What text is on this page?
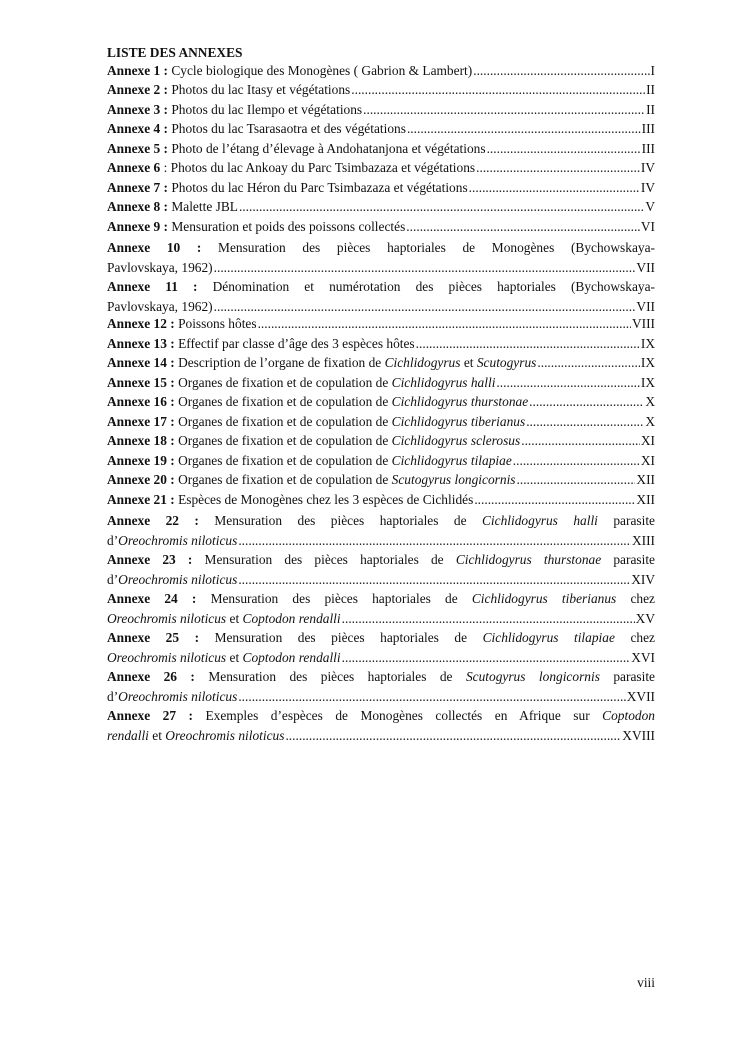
LISTE DES ANNEXES
Annexe 1 :
Cycle biologique des Monogènes ( Gabrion & Lambert) .....	I
Annexe 2 :
Photos du lac Itasy et végétations .....	II
Annexe 3 :
Photos du lac Ilempo et végétations .....	II
Annexe 4 :
Photos du lac Tsarasaotra et des végétations .....	III
Annexe 5 :
Photo de l’étang d’élevage à Andohatanjona et végétations .....	III
Annexe 6
: Photos du lac Ankoay du Parc Tsimbazaza et végétations .....	IV
Annexe 7 :
Photos du lac Héron du Parc Tsimbazaza et végétations .....	IV
Annexe 8 :
Malette JBL .....	V
Annexe 9 :
Mensuration et poids des poissons collectés .....	VI
Annexe 10 : Mensuration des pièces haptoriales de Monogènes (Bychowskaya-
Pavlovskaya, 1962) .....	VII
Annexe 11 : Dénomination et numérotation des pièces haptoriales (Bychowskaya-
Pavlovskaya, 1962) .....	VII
Annexe 12 :
Poissons hôtes .....	VIII
Annexe 13 :
Effectif par classe d’âge des 3 espèces hôtes .....	IX
Annexe 14 :
Description de l’organe de fixation de
Cichlidogyrus
et
Scutogyrus .....	IX
Annexe 15 :
Organes de fixation et de copulation de
Cichlidogyrus halli .....	IX
Annexe 16 :
Organes de fixation et de copulation de
Cichlidogyrus thurstonae .....	X
Annexe 17 :
Organes de fixation et de copulation de
Cichlidogyrus tiberianus .....	X
Annexe 18 :
Organes de fixation et de copulation de
Cichlidogyrus sclerosus .....	XI
Annexe 19 :
Organes de fixation et de copulation de
Cichlidogyrus tilapiae .....	XI
Annexe 20 :
Organes de fixation et de copulation de
Scutogyrus longicornis .....	XII
Annexe 21 :
Espèces de Monogènes chez les 3 espèces de Cichlidés .....	XII
Annexe 22 : Mensuration des pièces haptoriales de Cichlidogyrus halli parasite
d’ Oreochromis niloticus .....	XIII
Annexe 23 : Mensuration des pièces haptoriales de Cichlidogyrus thurstonae parasite
d’ Oreochromis niloticus .....	XIV
Annexe 24 : Mensuration des pièces haptoriales de Cichlidogyrus tiberianus chez
Oreochromis niloticus
et
Coptodon rendalli .....	XV
Annexe 25 : Mensuration des pièces haptoriales de Cichlidogyrus tilapiae chez
Oreochromis niloticus
et
Coptodon rendalli .....	XVI
Annexe 26 : Mensuration des pièces haptoriales de Scutogyrus longicornis parasite
d’ Oreochromis niloticus .....	XVII
Annexe 27 : Exemples d’espèces de Monogènes collectés en Afrique sur Coptodon
rendalli
et
Oreochromis niloticus .....	XVIII
viii
